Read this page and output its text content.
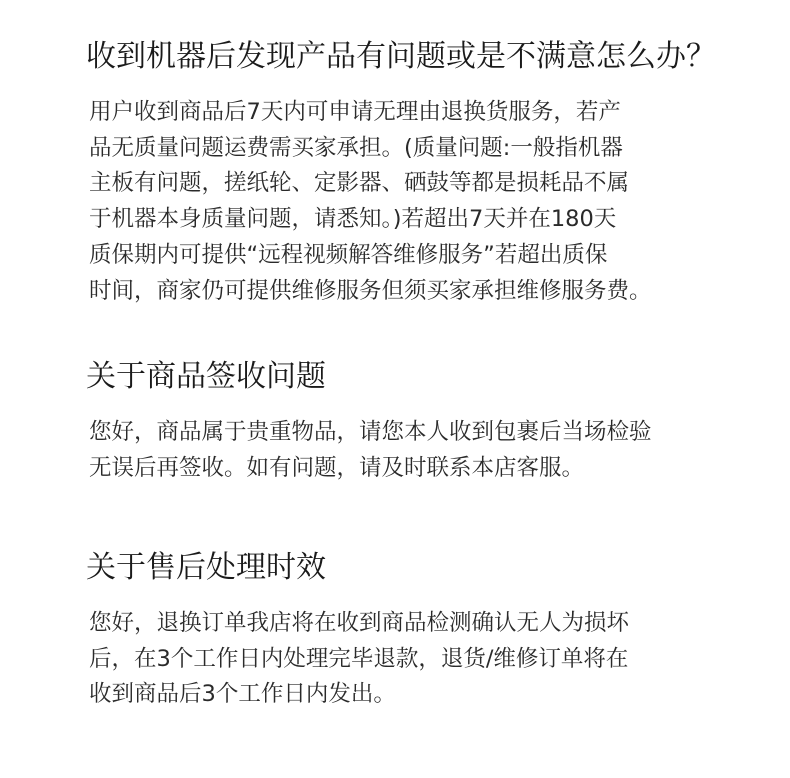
收到机器后发现产品有问题或是不满意怎么办？
用户收到商品后7天内可申请无理由退换货服务，若产
品无质量问题运费需买家承担。(质量问题:一般指机器
主板有问题，搓纸轮、定影器、硒鼓等都是损耗品不属
于机器本身质量问题，请悉知。)若超出7天并在180天
质保期内可提供“远程视频解答维修服务”若超出质保
时间，商家仍可提供维修服务但须买家承担维修服务费。
关于商品签收问题
您好，商品属于贵重物品，请您本人收到包裹后当场检验
无误后再签收。如有问题，请及时联系本店客服。
关于售后处理时效
您好，退换订单我店将在收到商品检测确认无人为损坏
后，在3个工作日内处理完毕退款，退货/维修订单将在
收到商品后3个工作日内发出。
